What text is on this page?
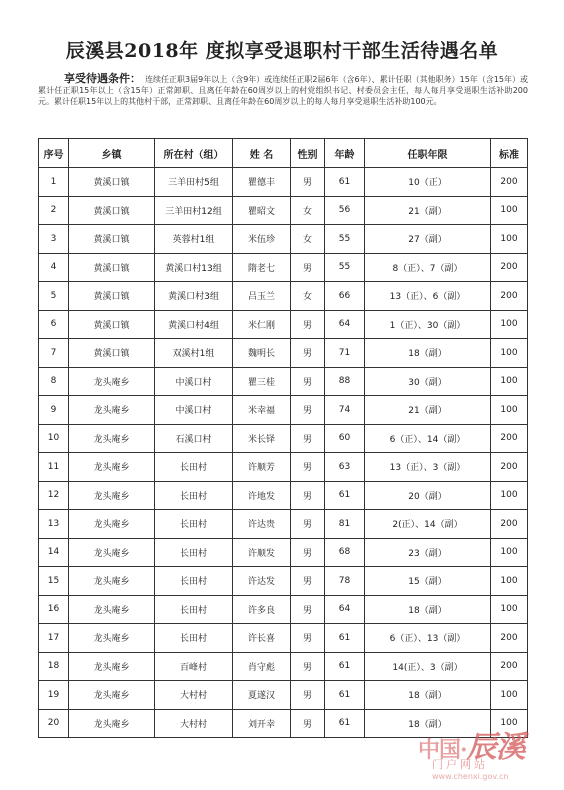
辰溪县2018年 度拟享受退职村干部生活待遇名单
享受待遇条件： 连续任正职3届9年以上（含9年）或连续任正职2届6年（含6年）、累计任职（其他职务）15年（含15年）或累计任正职15年以上（含15年）正常卸职、且离任年龄在60周岁以上的村党组织书记、村委员会主任，每人每月享受退职生活补助200元。累计任职15年以上的其他村干部，正常卸职、且离任年龄在60周岁以上的每人每月享受退职生活补助100元。
序号	乡镇	所在村（组）	姓 名	性别	年龄	任职年限	标准
1	黄溪口镇	三羊田村5组	瞿德丰	男	61	10（正）	200
2	黄溪口镇	三羊田村12组	瞿昭文	女	56	21（副）	100
3	黄溪口镇	英蓉村1组	米伍珍	女	55	27（副）	100
4	黄溪口镇	黄溪口村13组	隋老七	男	55	8（正）、7（副）	200
5	黄溪口镇	黄溪口村3组	吕玉兰	女	66	13（正）、6（副）	200
6	黄溪口镇	黄溪口村4组	米仁刚	男	64	1（正）、30（副）	100
7	黄溪口镇	双溪村1组	魏明长	男	71	18（副）	100
8	龙头庵乡	中溪口村	瞿三桂	男	88	30（副）	100
9	龙头庵乡	中溪口村	米幸福	男	74	21（副）	100
10	龙头庵乡	石溪口村	米长铎	男	60	6（正）、14（副）	200
11	龙头庵乡	长田村	许顺芳	男	63	13（正）、3（副）	200
12	龙头庵乡	长田村	许地发	男	61	20（副）	100
13	龙头庵乡	长田村	许达贵	男	81	2(正）、14（副）	200
14	龙头庵乡	长田村	许顺发	男	68	23（副）	100
15	龙头庵乡	长田村	许达发	男	78	15（副）	100
16	龙头庵乡	长田村	许多良	男	64	18（副）	100
17	龙头庵乡	长田村	许长喜	男	61	6（正）、13（副）	200
18	龙头庵乡	百峰村	肖守彪	男	61	14(正）、3（副）	200
19	龙头庵乡	大村村	夏遂汉	男	61	18（副）	100
20	龙头庵乡	大村村	刘开幸	男	61	18（副）	100
中国·辰溪
门户网站
www.chenxi.gov.cn
